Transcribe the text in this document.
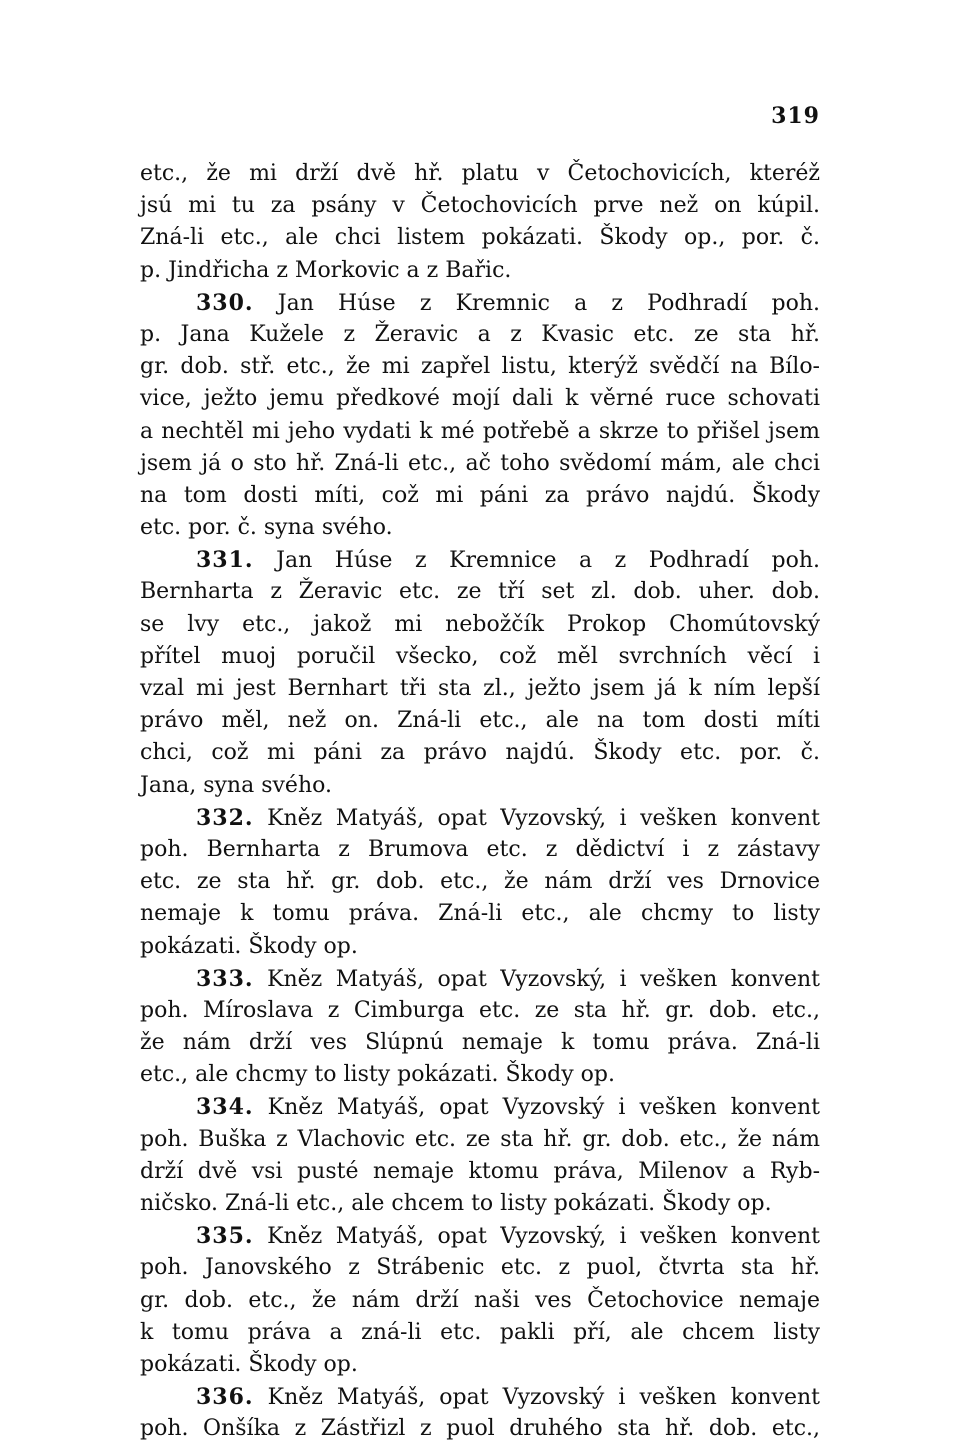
319
etc., že mi drží dvě hř. platu v Četochovicích, kteréž
jsú mi tu za psány v Četochovicích prve než on kúpil.
Zná-li etc., ale chci listem pokázati. Škody op., por. č.
p. Jindřicha z Morkovic a z Bařic.
330. Jan Húse z Kremnic a z Podhradí poh.
p. Jana Kužele z Žeravic a z Kvasic etc. ze sta hř.
gr. dob. stř. etc., že mi zapřel listu, kterýž svědčí na Bílo-
vice, ježto jemu předkové mojí dali k věrné ruce schovati
a nechtěl mi jeho vydati k mé potřebě a skrze to přišel jsem
jsem já o sto hř. Zná-li etc., ač toho svědomí mám, ale chci
na tom dosti míti, což mi páni za právo najdú. Škody
etc. por. č. syna svého.
331. Jan Húse z Kremnice a z Podhradí poh.
Bernharta z Žeravic etc. ze tří set zl. dob. uher. dob.
se lvy etc., jakož mi nebožčík Prokop Chomútovský
přítel muoj poručil všecko, což měl svrchních věcí i
vzal mi jest Bernhart tři sta zl., ježto jsem já k ním lepší
právo měl, než on. Zná-li etc., ale na tom dosti míti
chci, což mi páni za právo najdú. Škody etc. por. č.
Jana, syna svého.
332. Kněz Matyáš, opat Vyzovský, i vešken konvent
poh. Bernharta z Brumova etc. z dědictví i z zástavy
etc. ze sta hř. gr. dob. etc., že nám drží ves Drnovice
nemaje k tomu práva. Zná-li etc., ale chcmy to listy
pokázati. Škody op.
333. Kněz Matyáš, opat Vyzovský, i vešken konvent
poh. Míroslava z Cimburga etc. ze sta hř. gr. dob. etc.,
že nám drží ves Slúpnú nemaje k tomu práva. Zná-li
etc., ale chcmy to listy pokázati. Škody op.
334. Kněz Matyáš, opat Vyzovský i vešken konvent
poh. Buška z Vlachovic etc. ze sta hř. gr. dob. etc., že nám
drží dvě vsi pusté nemaje ktomu práva, Milenov a Ryb-
ničsko. Zná-li etc., ale chcem to listy pokázati. Škody op.
335. Kněz Matyáš, opat Vyzovský, i vešken konvent
poh. Janovského z Strábenic etc. z puol, čtvrta sta hř.
gr. dob. etc., že nám drží naši ves Četochovice nemaje
k tomu práva a zná-li etc. pakli pří, ale chcem listy
pokázati. Škody op.
336. Kněz Matyáš, opat Vyzovský i vešken konvent
poh. Onšíka z Zástřizl z puol druhého sta hř. dob. etc.,
